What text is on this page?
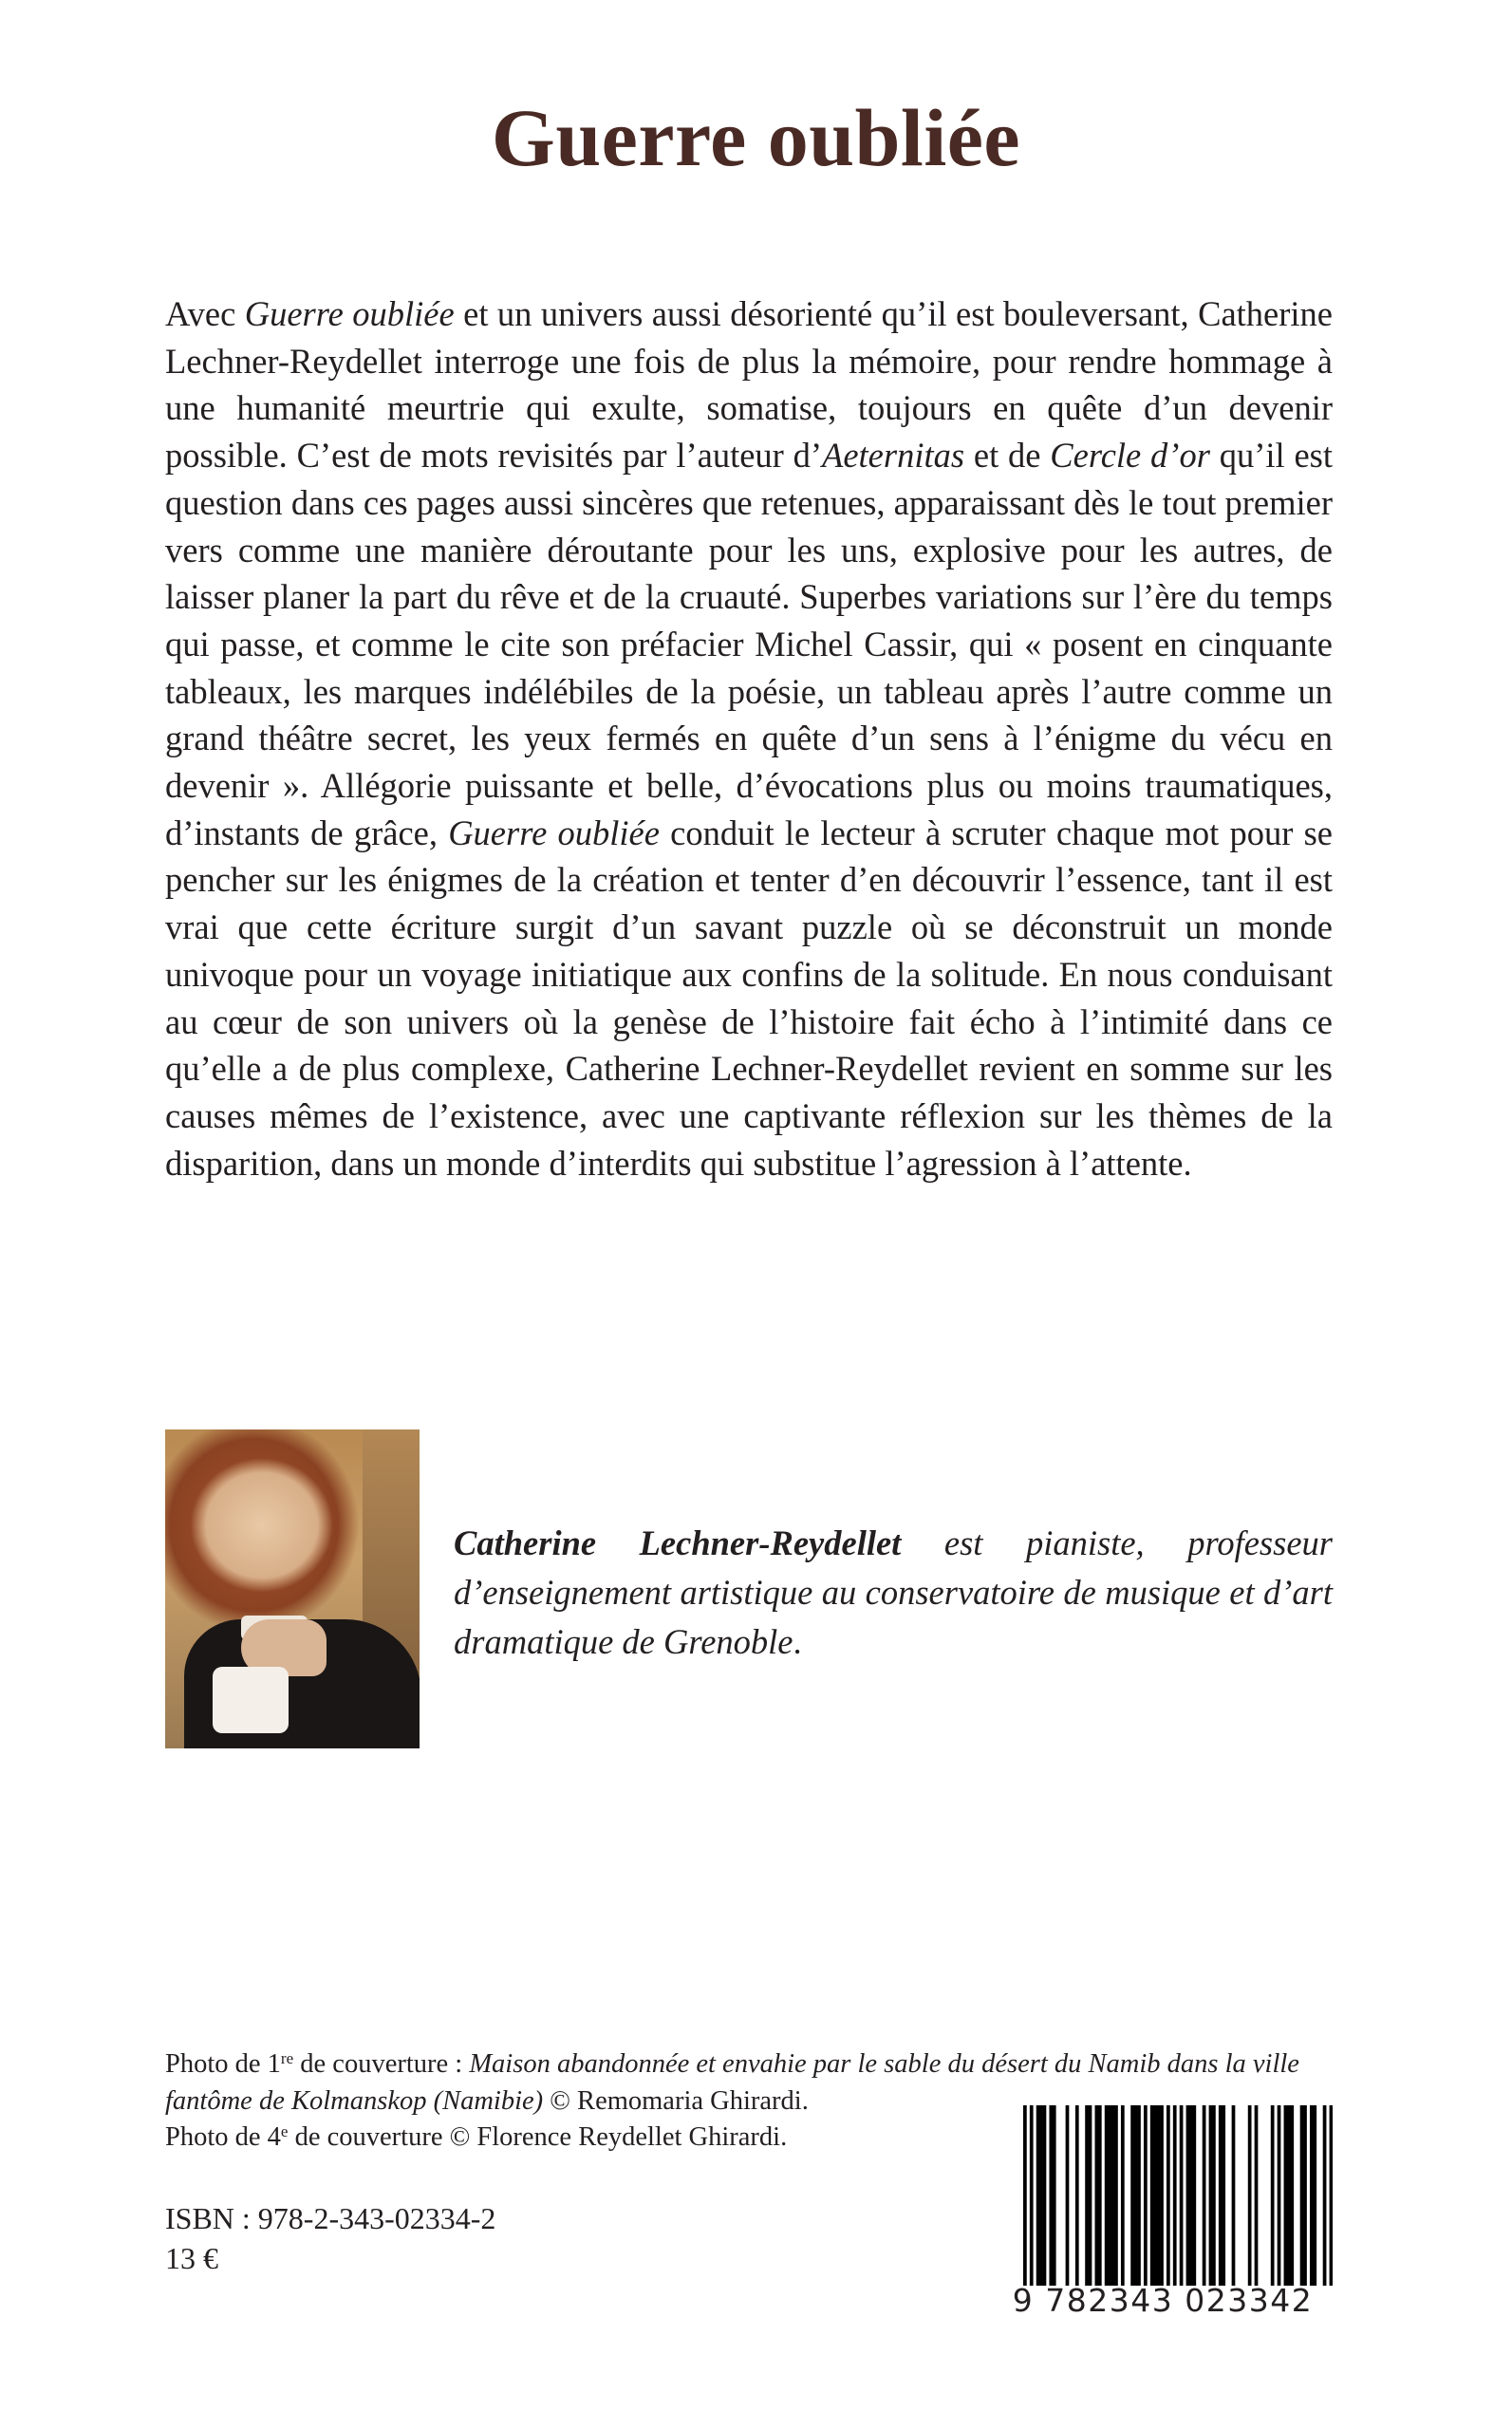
Guerre oubliée

Avec Guerre oubliée et un univers aussi désorienté qu’il est bouleversant, Catherine Lechner-Reydellet interroge une fois de plus la mémoire, pour rendre hommage à une humanité meurtrie qui exulte, somatise, toujours en quête d’un devenir possible. C’est de mots revisités par l’auteur d’Aeternitas et de Cercle d’or qu’il est question dans ces pages aussi sincères que retenues, apparaissant dès le tout premier vers comme une manière déroutante pour les uns, explosive pour les autres, de laisser planer la part du rêve et de la cruauté. Superbes variations sur l’ère du temps qui passe, et comme le cite son préfacier Michel Cassir, qui « posent en cinquante tableaux, les marques indélébiles de la poésie, un tableau après l’autre comme un grand théâtre secret, les yeux fermés en quête d’un sens à l’énigme du vécu en devenir ». Allégorie puissante et belle, d’évocations plus ou moins traumatiques, d’instants de grâce, Guerre oubliée conduit le lecteur à scruter chaque mot pour se pencher sur les énigmes de la création et tenter d’en découvrir l’essence, tant il est vrai que cette écriture surgit d’un savant puzzle où se déconstruit un monde univoque pour un voyage initiatique aux confins de la solitude. En nous conduisant au cœur de son univers où la genèse de l’histoire fait écho à l’intimité dans ce qu’elle a de plus complexe, Catherine Lechner-Reydellet revient en somme sur les causes mêmes de l’existence, avec une captivante réflexion sur les thèmes de la disparition, dans un monde d’interdits qui substitue l’agression à l’attente.

Catherine Lechner-Reydellet est pianiste, professeur d’enseignement artistique au conservatoire de musique et d’art dramatique de Grenoble.

Photo de 1re de couverture : Maison abandonnée et envahie par le sable du désert du Namib dans la ville fantôme de Kolmanskop (Namibie) © Remomaria Ghirardi.
Photo de 4e de couverture © Florence Reydellet Ghirardi.
ISBN : 978-2-343-02334-2
13 €

9 782343 023342
